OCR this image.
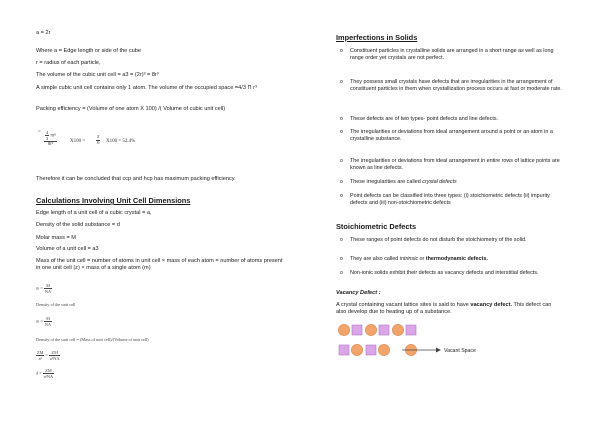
a = 2r

Where a = Edge length or side of the cube

r = radius of each particle,

The volume of the cubic unit cell = a3 = (2r)³ = 8r³

A simple cubic unit cell contains only 1 atom. The volume of the occupied space =4/3 Π r³

Packing efficiency = (Volume of one atom X 100) /( Volume of cubic unit cell)

= $\frac{\frac{4}{3} \pi r^3}{\text{8r³}}$	$X100 = \frac{\pi}{6} X100 = 52.4\%$

Therefore it can be concluded that ccp and hcp has maximum packing efficiency.

Calculations Involving Unit Cell Dimensions

Edge length of a unit cell of a cubic crystal = a,

Density of the solid substance = d

Molar mass = M

Volume of a unit cell = a3

Mass of the unit cell = number of atoms in unit cell × mass of each atom = number of atoms present in one unit cell (z) × mass of a single atom (m)

$m = \frac{M}{NA}$
Density of the unit cell
$m = \frac{M}{NA}$
Density of the unit cell = (Mass of unit cell)/(Volume of unit cell)
$\frac{ZM}{\text{a³}} = \frac{ZM}{\text{a³NA}}$
$d = \frac{ZM}{\text{a³NA}}$
Imperfections in Solids
o Constituent particles in crystalline solids are arranged in a short range as well as long range order yet crystals are not perfect.
o They possess small crystals have defects that are irregularities in the arrangement of constituent particles in them when crystallization process occurs at fast or moderate rate.
o These defects are of two types- point defects and line defects.
o The irregularities or deviations from ideal arrangement around a point or an atom in a crystalline substance.
o The irregularities or deviations from ideal arrangement in entire rows of lattice points are known as line defects.
o These irregularities are called crystal defects
o Point defects can be classified into three types: (i) stoichiometric defects (ii) impurity defects and (iii) non-stoichiometric defects
Stoichiometric Defects
o These ranges of point defects do not disturb the stoichiometry of the solid.
o They are also called intrinsic or thermodynamic defects.
o Non-ionic solids exhibit their defects as vacancy defects and interstitial defects.

Vacancy Defect :

A crystal containing vacant lattice sites is said to have vacancy defect. This defect can also develop due to heating up of a substance.

Vacant Space
